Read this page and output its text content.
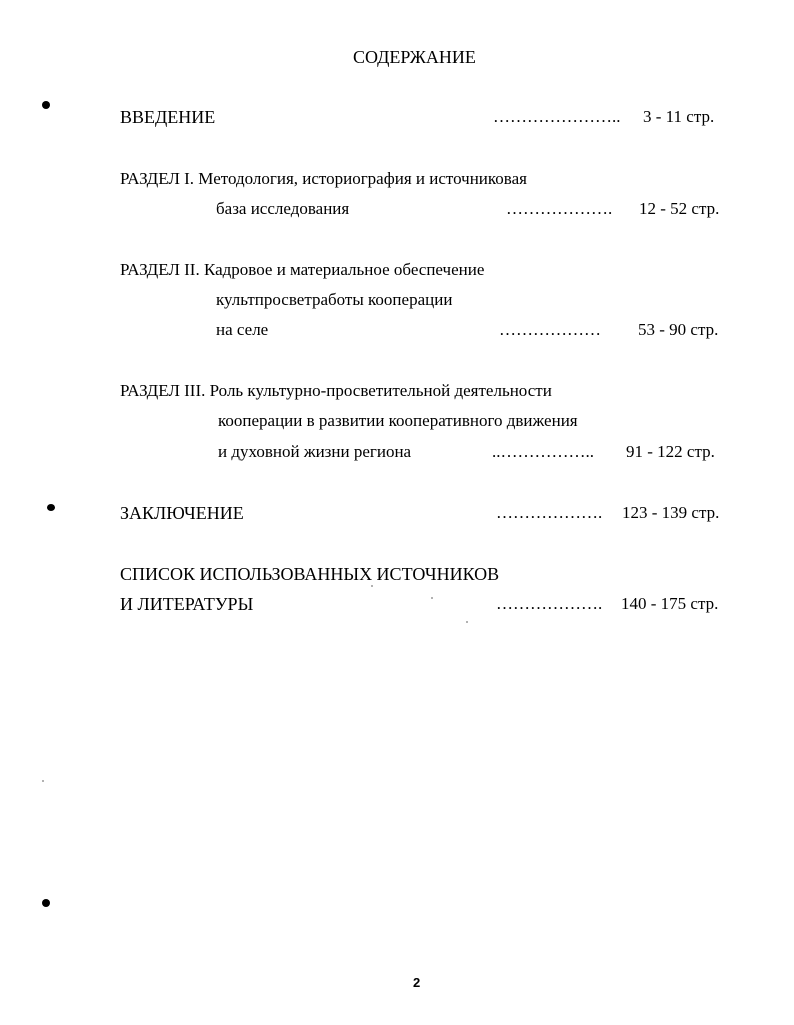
СОДЕРЖАНИЕ
ВВЕДЕНИЕ	………………….. 3 - 11 стр.
РАЗДЕЛ I. Методология, историография и источниковая
база исследования	………………. 12 - 52 стр.
РАЗДЕЛ II. Кадровое и материальное обеспечение
культпросветработы кооперации
на селе	……………… 53 - 90 стр.
РАЗДЕЛ III. Роль культурно-просветительной деятельности
кооперации в развитии кооперативного движения
и духовной жизни региона	..…………….. 91 - 122 стр.
ЗАКЛЮЧЕНИЕ	………………. 123 - 139 стр.
СПИСОК ИСПОЛЬЗОВАННЫХ ИСТОЧНИКОВ
И ЛИТЕРАТУРЫ	………………. 140 - 175 стр.
2
